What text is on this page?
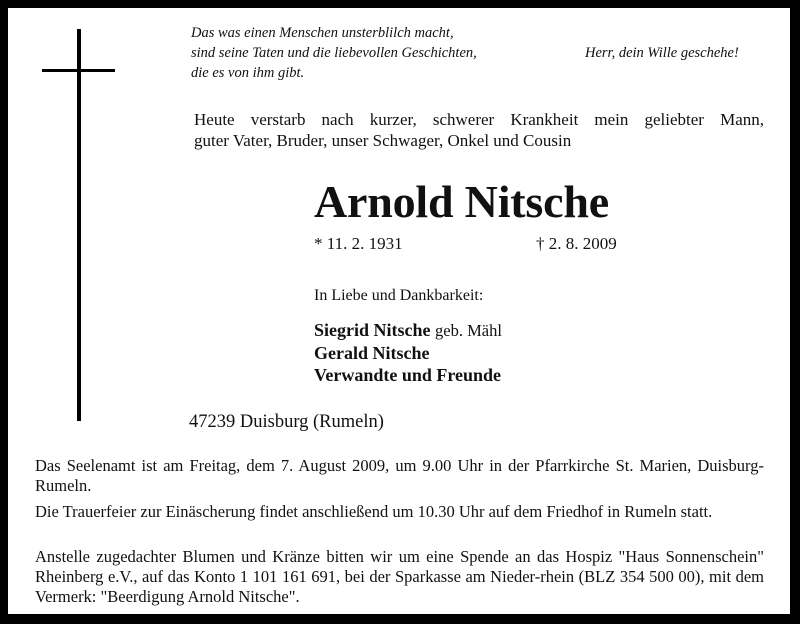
Das was einen Menschen unsterblilch macht,
sind seine Taten und die liebevollen Geschichten,
die es von ihm gibt.
Herr, dein Wille geschehe!
Heute verstarb nach kurzer, schwerer Krankheit mein geliebter Mann,
guter Vater, Bruder, unser Schwager, Onkel und Cousin
Arnold Nitsche
* 11. 2. 1931	† 2. 8. 2009
In Liebe und Dankbarkeit:
Siegrid Nitsche geb. Mähl
Gerald Nitsche
Verwandte und Freunde
47239 Duisburg (Rumeln)
Das Seelenamt ist am Freitag, dem 7. August 2009, um 9.00 Uhr in der Pfarrkirche St. Marien, Duisburg-Rumeln.
Die Trauerfeier zur Einäscherung findet anschließend um 10.30 Uhr auf dem Friedhof in Rumeln statt.
Anstelle zugedachter Blumen und Kränze bitten wir um eine Spende an das Hospiz "Haus Sonnenschein" Rheinberg e.V., auf das Konto 1 101 161 691, bei der Sparkasse am Nieder-rhein (BLZ 354 500 00), mit dem Vermerk: "Beerdigung Arnold Nitsche".
